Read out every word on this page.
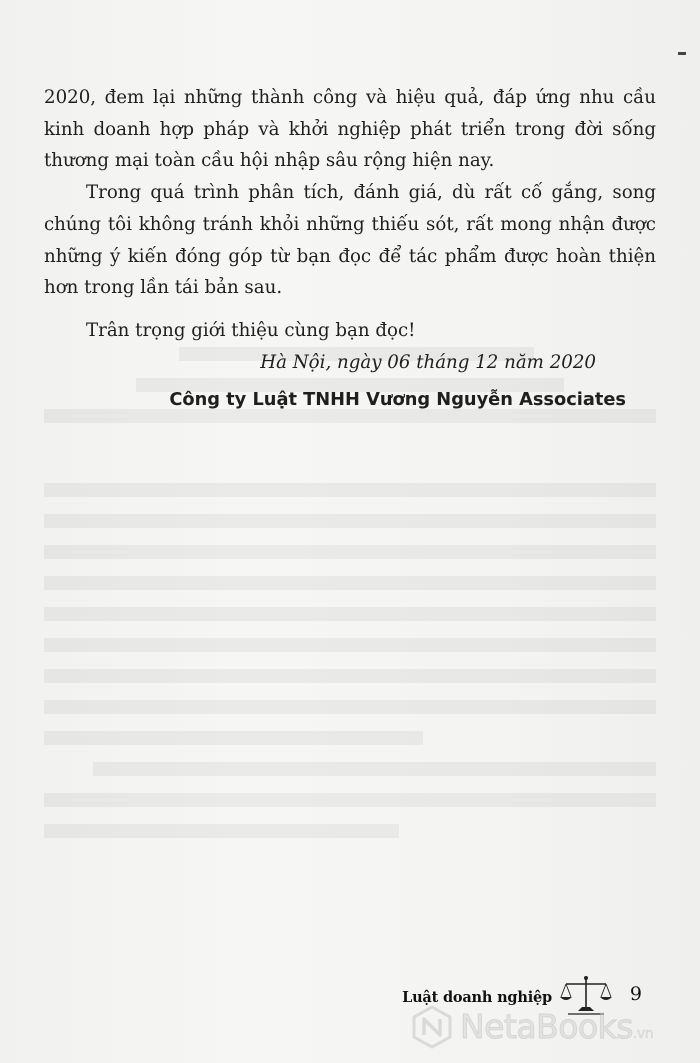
2020, đem lại những thành công và hiệu quả, đáp ứng nhu cầu kinh doanh hợp pháp và khởi nghiệp phát triển trong đời sống thương mại toàn cầu hội nhập sâu rộng hiện nay.

Trong quá trình phân tích, đánh giá, dù rất cố gắng, song chúng tôi không tránh khỏi những thiếu sót, rất mong nhận được những ý kiến đóng góp từ bạn đọc để tác phẩm được hoàn thiện hơn trong lần tái bản sau.

Trân trọng giới thiệu cùng bạn đọc!
Hà Nội, ngày 06 tháng 12 năm 2020
Công ty Luật TNHH Vương Nguyễn Associates
Luật doanh nghiệp	9
NetaBooks.vn
